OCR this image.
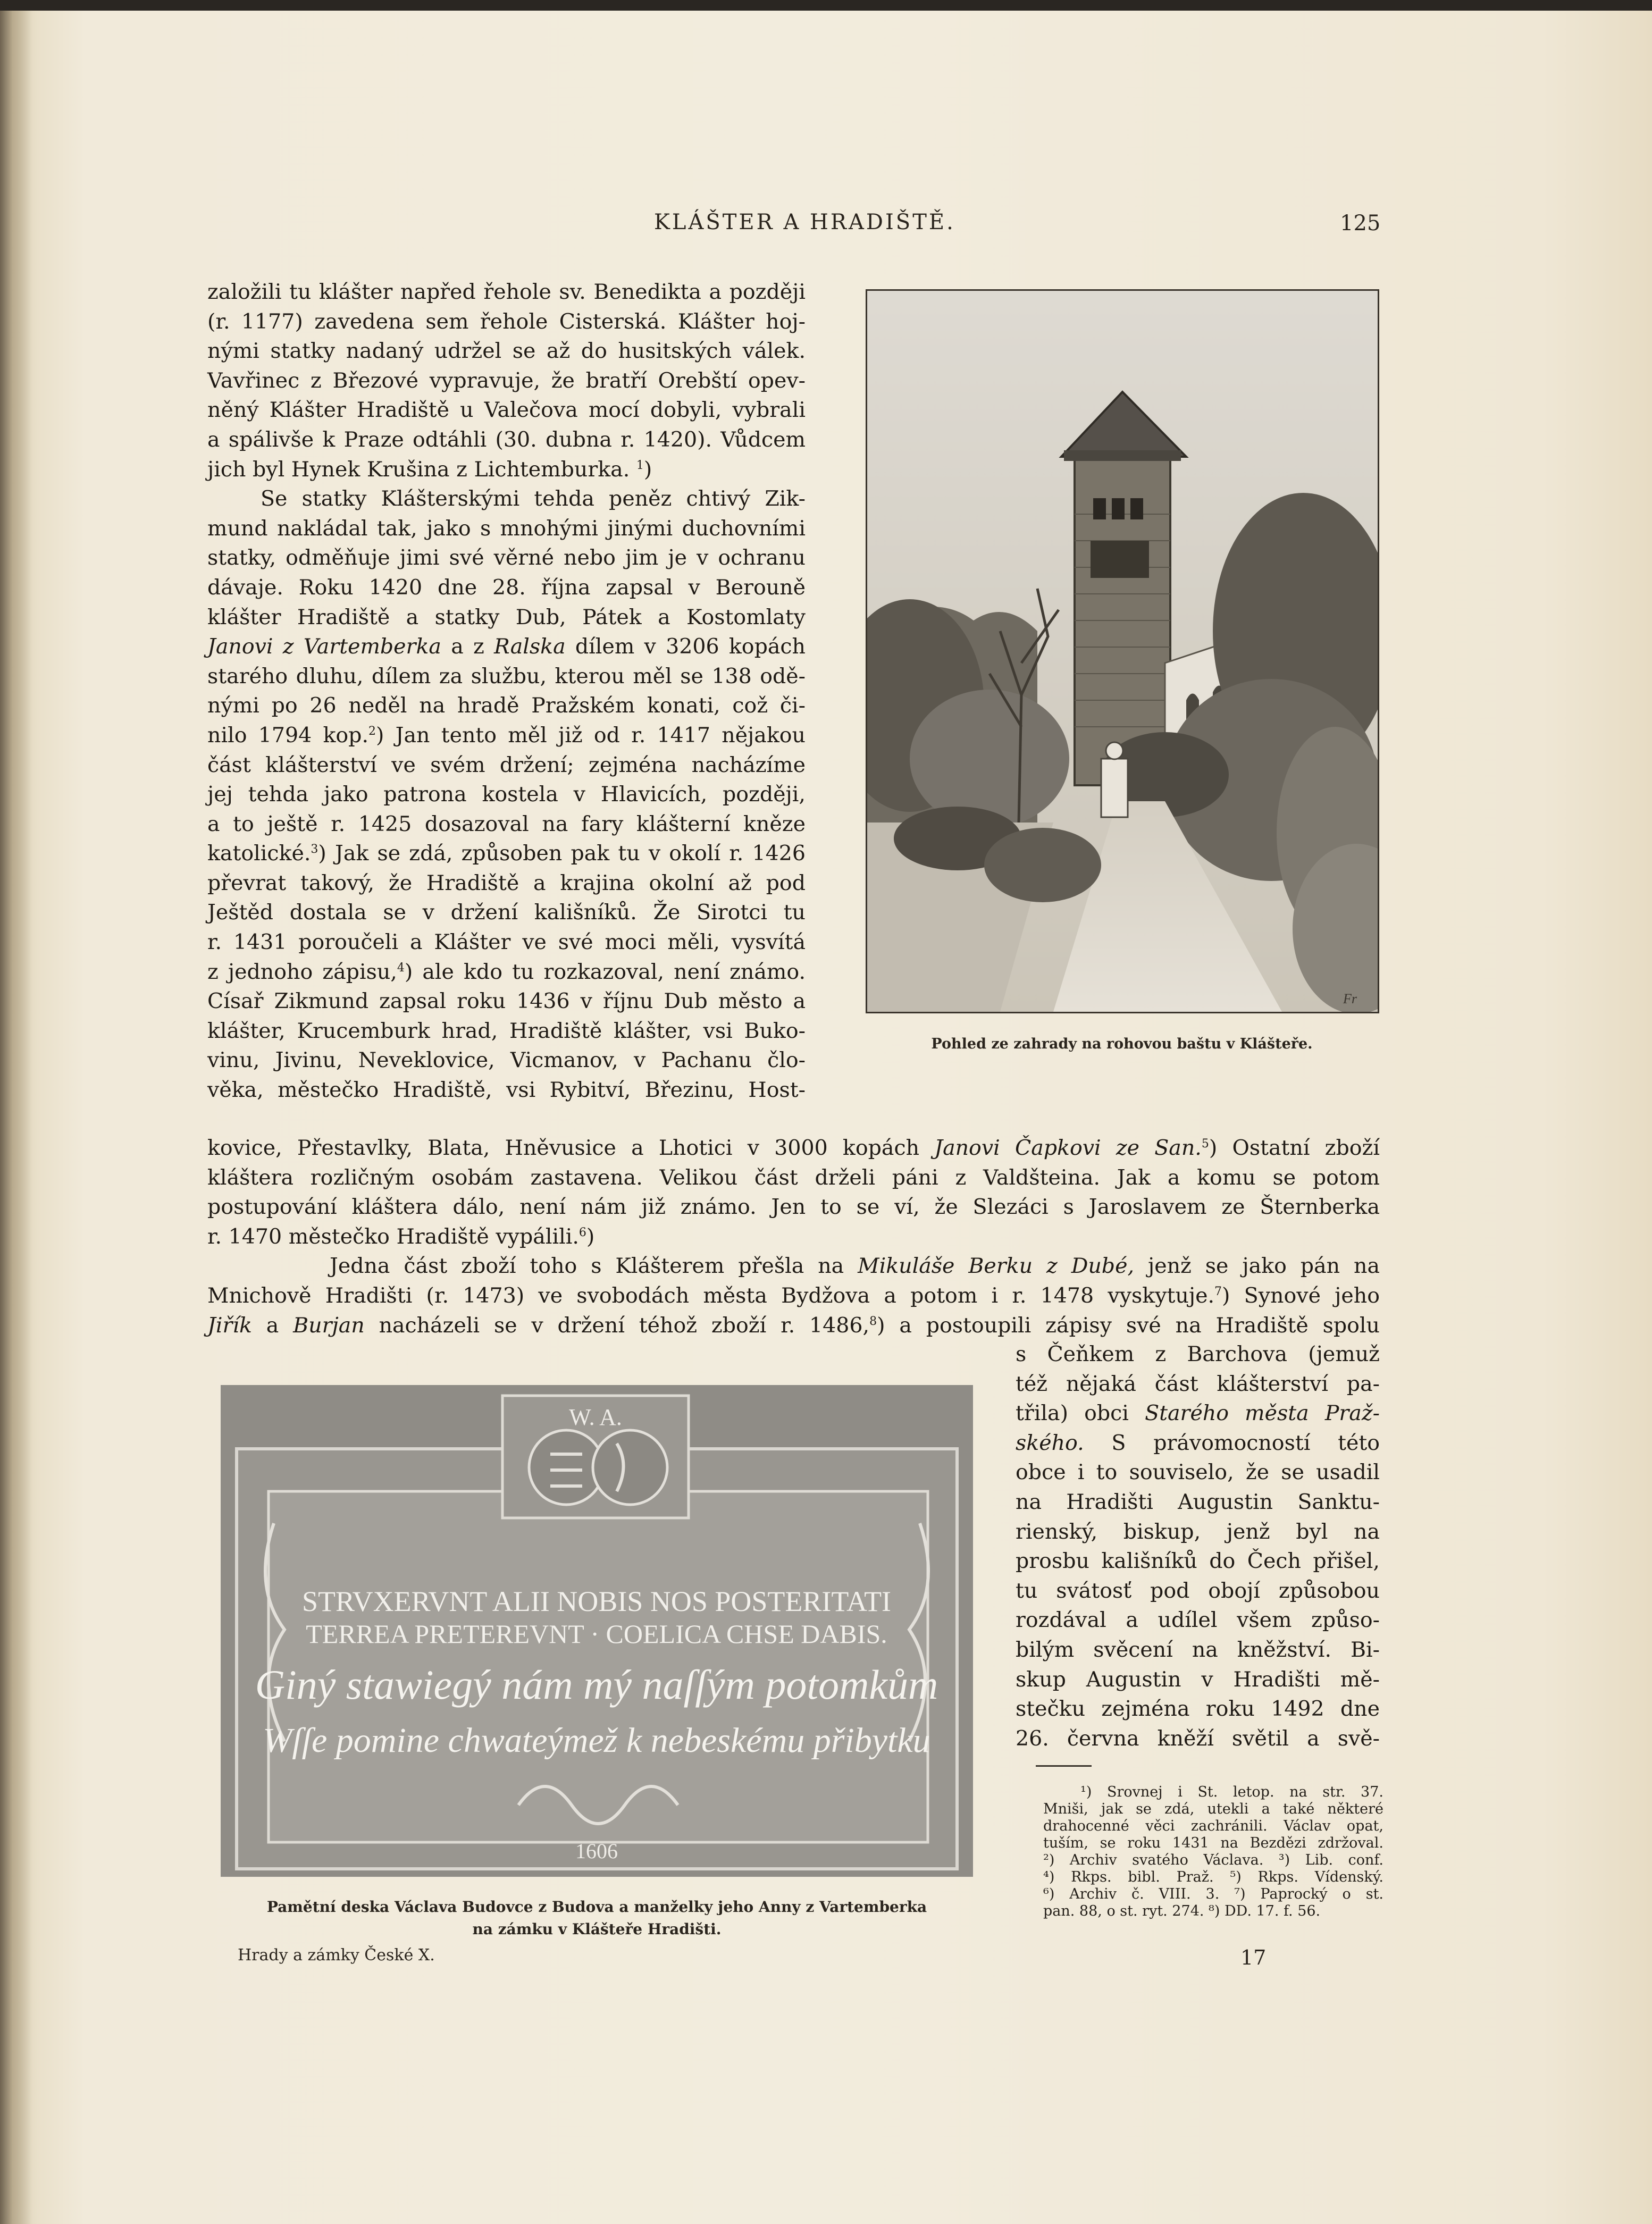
KLÁŠTER A HRADIŠTĚ.	125
založili tu klášter napřed řehole sv. Benedikta a později
(r. 1177) zavedena sem řehole Cisterská. Klášter hoj-
nými statky nadaný udržel se až do husitských válek.
Vavřinec z Březové vypravuje, že bratří Orebští opev-
něný Klášter Hradiště u Valečova mocí dobyli, vybrali
a spálivše k Praze odtáhli (30. dubna r. 1420). Vůdcem
jich byl Hynek Krušina z Lichtemburka. $^1$)
Se statky Klášterskými tehda peněz chtivý Zik-
mund nakládal tak, jako s mnohými jinými duchovními
statky, odměňuje jimi své věrné nebo jim je v ochranu
dávaje. Roku 1420 dne 28. října zapsal v Berouně
klášter Hradiště a statky Dub, Pátek a Kostomlaty
Janovi z Vartemberka a z Ralska dílem v 3206 kopách
starého dluhu, dílem za službu, kterou měl se 138 odě-
nými po 26 neděl na hradě Pražském konati, což či-
nilo 1794 kop.$^2$) Jan tento měl již od r. 1417 nějakou
část klášterství ve svém držení; zejména nacházíme
jej tehda jako patrona kostela v Hlavicích, později,
a to ještě r. 1425 dosazoval na fary klášterní kněze
katolické.$^3$) Jak se zdá, způsoben pak tu v okolí r. 1426
převrat takový, že Hradiště a krajina okolní až pod
Ještěd dostala se v držení kališníků. Že Sirotci tu
r. 1431 poroučeli a Klášter ve své moci měli, vysvítá
z jednoho zápisu,$^4$) ale kdo tu rozkazoval, není známo.
Císař Zikmund zapsal roku 1436 v říjnu Dub město a
klášter, Krucemburk hrad, Hradiště klášter, vsi Buko-
vinu, Jivinu, Neveklovice, Vicmanov, v Pachanu člo-
věka, městečko Hradiště, vsi Rybitví, Březinu, Host-
kovice, Přestavlky, Blata, Hněvusice a Lhotici v 3000 kopách Janovi Čapkovi ze San.$^5$) Ostatní zboží
kláštera rozličným osobám zastavena. Velikou část drželi páni z Valdšteina. Jak a komu se potom
postupování kláštera dálo, není nám již známo. Jen to se ví, že Slezáci s Jaroslavem ze Šternberka
r. 1470 městečko Hradiště vypálili.$^6$)
Jedna část zboží toho s Klášterem přešla na Mikuláše Berku z Dubé, jenž se jako pán na
Mnichově Hradišti (r. 1473) ve svobodách města Bydžova a potom i r. 1478 vyskytuje.$^7$) Synové jeho
Jiřík a Burjan nacházeli se v držení téhož zboží r. 1486,$^8$) a postoupili zápisy své na Hradiště spolu
s Čeňkem z Barchova (jemuž
též nějaká část klášterství pa-
třila) obci Starého města Praž-
ského. S právomocností této
obce i to souviselo, že se usadil
na Hradišti Augustin Sanktu-
rienský, biskup, jenž byl na
prosbu kališníků do Čech přišel,
tu svátosť pod obojí způsobou
rozdával a udílel všem způso-
bilým svěcení na kněžství. Bi-
skup Augustin v Hradišti mě-
stečku zejména roku 1492 dne
26. června kněží světil a svě-
Fr
Pohled ze zahrady na rohovou baštu v Klášteře.
W. A.
STRVXERVNT ALII NOBIS NOS POSTERITATI
TERREA PRETEREVNT · COELICA CHSE DABIS.
Giný stawiegý nám mý naſſým potomkům
Wſſe pomine chwateýmež k nebeskému přibytku
1606
Pamětní deska Václava Budovce z Budova a manželky jeho Anny z Vartemberka
na zámku v Klášteře Hradišti.
Hrady a zámky České X.
¹) Srovnej i St. letop. na str. 37.
Mniši, jak se zdá, utekli a také některé
drahocenné věci zachránili. Václav opat,
tuším, se roku 1431 na Bezdězi zdržoval.
²) Archiv svatého Václava. ³) Lib. conf.
⁴) Rkps. bibl. Praž. ⁵) Rkps. Vídenský.
⁶) Archiv č. VIII. 3. ⁷) Paprocký o st.
pan. 88, o st. ryt. 274. ⁸) DD. 17. f. 56.
17
